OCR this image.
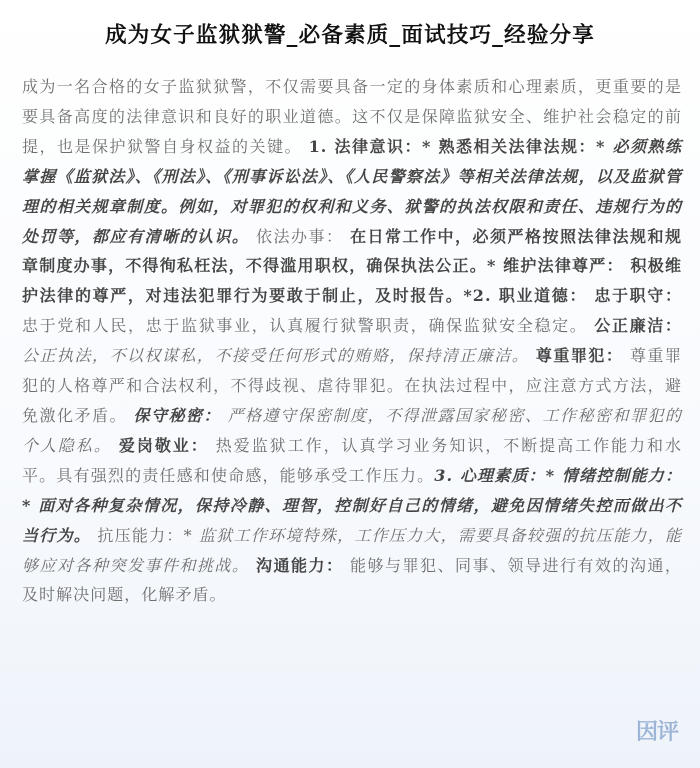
成为女子监狱狱警_必备素质_面试技巧_经验分享

成为一名合格的女子监狱狱警，不仅需要具备一定的身体素质和心理素质，更重要的是要具备高度的法律意识和良好的职业道德。这不仅是保障监狱安全、维护社会稳定的前提，也是保护狱警自身权益的关键。 1. 法律意识：* 熟悉相关法律法规：* 必须熟练掌握《监狱法》、《刑法》、《刑事诉讼法》、《人民警察法》等相关法律法规，以及监狱管理的相关规章制度。例如，对罪犯的权利和义务、狱警的执法权限和责任、违规行为的处罚等，都应有清晰的认识。 依法办事： 在日常工作中，必须严格按照法律法规和规章制度办事，不得徇私枉法，不得滥用职权，确保执法公正。* 维护法律尊严： 积极维护法律的尊严，对违法犯罪行为要敢于制止，及时报告。*2. 职业道德： 忠于职守： 忠于党和人民，忠于监狱事业，认真履行狱警职责，确保监狱安全稳定。 公正廉洁： 公正执法，不以权谋私，不接受任何形式的贿赂，保持清正廉洁。 尊重罪犯： 尊重罪犯的人格尊严和合法权利，不得歧视、虐待罪犯。在执法过程中，应注意方式方法，避免激化矛盾。 保守秘密： 严格遵守保密制度，不得泄露国家秘密、工作秘密和罪犯的个人隐私。 爱岗敬业： 热爱监狱工作，认真学习业务知识，不断提高工作能力和水平。具有强烈的责任感和使命感，能够承受工作压力。3. 心理素质：* 情绪控制能力：* 面对各种复杂情况，保持冷静、理智，控制好自己的情绪，避免因情绪失控而做出不当行为。 抗压能力：* 监狱工作环境特殊，工作压力大，需要具备较强的抗压能力，能够应对各种突发事件和挑战。 沟通能力： 能够与罪犯、同事、领导进行有效的沟通，及时解决问题，化解矛盾。

因评
